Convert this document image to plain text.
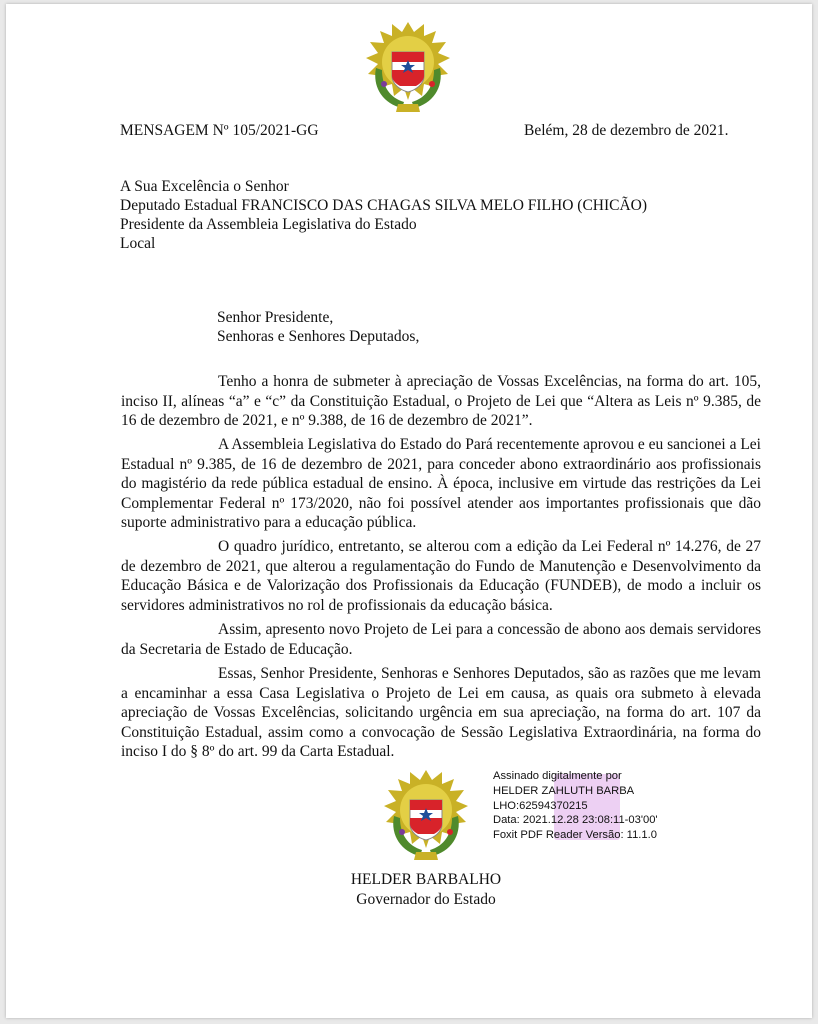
MENSAGEM Nº 105/2021-GG	Belém, 28 de dezembro de 2021.
A Sua Excelência o Senhor
Deputado Estadual FRANCISCO DAS CHAGAS SILVA MELO FILHO (CHICÃO)
Presidente da Assembleia Legislativa do Estado
Local
Senhor Presidente,
Senhoras e Senhores Deputados,
Tenho a honra de submeter à apreciação de Vossas Excelências, na forma do art. 105, inciso II, alíneas “a” e “c” da Constituição Estadual, o Projeto de Lei que “Altera as Leis nº 9.385, de 16 de dezembro de 2021, e nº 9.388, de 16 de dezembro de 2021”.
A Assembleia Legislativa do Estado do Pará recentemente aprovou e eu sancionei a Lei Estadual nº 9.385, de 16 de dezembro de 2021, para conceder abono extraordinário aos profissionais do magistério da rede pública estadual de ensino. À época, inclusive em virtude das restrições da Lei Complementar Federal nº 173/2020, não foi possível atender aos importantes profissionais que dão suporte administrativo para a educação pública.
O quadro jurídico, entretanto, se alterou com a edição da Lei Federal nº 14.276, de 27 de dezembro de 2021, que alterou a regulamentação do Fundo de Manutenção e Desenvolvimento da Educação Básica e de Valorização dos Profissionais da Educação (FUNDEB), de modo a incluir os servidores administrativos no rol de profissionais da educação básica.
Assim, apresento novo Projeto de Lei para a concessão de abono aos demais servidores da Secretaria de Estado de Educação.
Essas, Senhor Presidente, Senhoras e Senhores Deputados, são as razões que me levam a encaminhar a essa Casa Legislativa o Projeto de Lei em causa, as quais ora submeto à elevada apreciação de Vossas Excelências, solicitando urgência em sua apreciação, na forma do art. 107 da Constituição Estadual, assim como a convocação de Sessão Legislativa Extraordinária, na forma do inciso I do § 8º do art. 99 da Carta Estadual.
Assinado digitalmente por
HELDER ZAHLUTH BARBA
LHO:62594370215
Data: 2021.12.28 23:08:11-03'00'
Foxit PDF Reader Versão: 11.1.0
HELDER BARBALHO
Governador do Estado
